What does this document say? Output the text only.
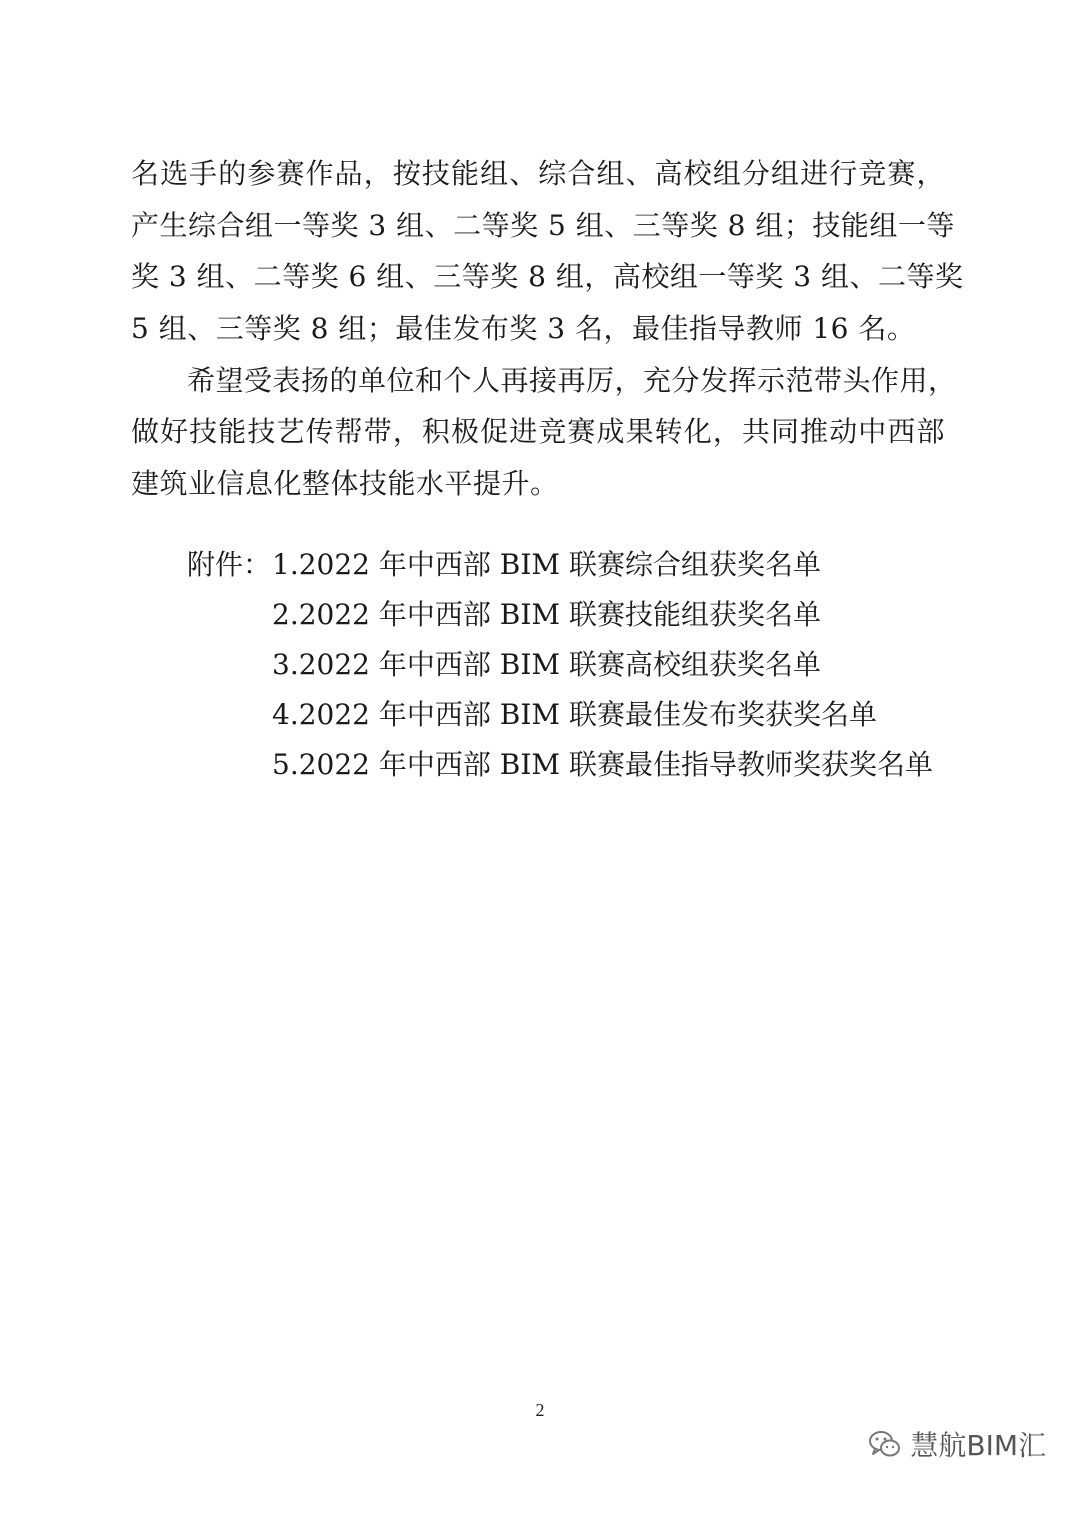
名选手的参赛作品，按技能组、综合组、高校组分组进行竞赛，
产生综合组一等奖 3 组、二等奖 5 组、三等奖 8 组；技能组一等
奖 3 组、二等奖 6 组、三等奖 8 组，高校组一等奖 3 组、二等奖
5 组、三等奖 8 组；最佳发布奖 3 名，最佳指导教师 16 名。
希望受表扬的单位和个人再接再厉，充分发挥示范带头作用，
做好技能技艺传帮带，积极促进竞赛成果转化，共同推动中西部
建筑业信息化整体技能水平提升。
附件： 1.2022 年中西部 BIM 联赛综合组获奖名单
2.2022 年中西部 BIM 联赛技能组获奖名单
3.2022 年中西部 BIM 联赛高校组获奖名单
4.2022 年中西部 BIM 联赛最佳发布奖获奖名单
5.2022 年中西部 BIM 联赛最佳指导教师奖获奖名单
2
慧航BIM汇
